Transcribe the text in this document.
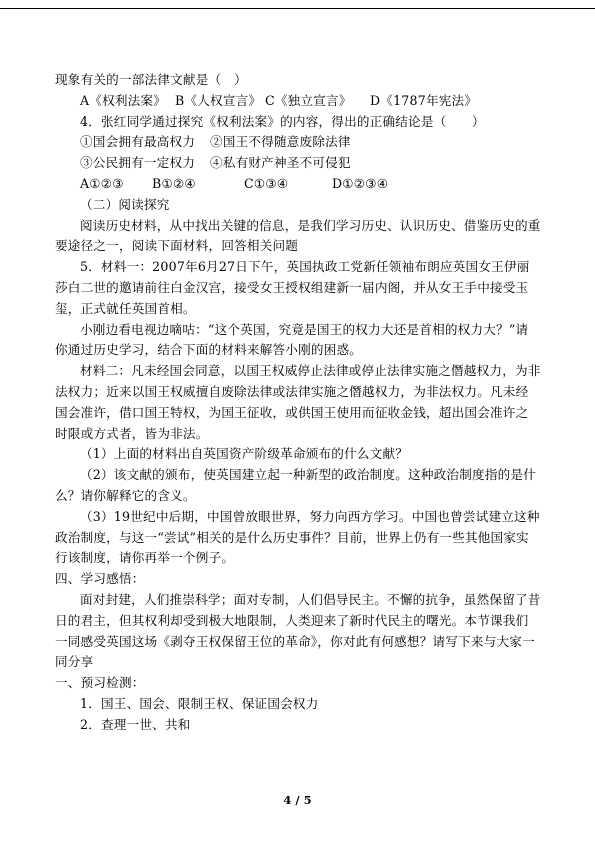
现象有关的一部法律文献是（　）

A《权利法案》 B《人权宣言》 C《独立宣言》	D《1787年宪法》

4．张红同学通过探究《权利法案》的内容，得出的正确结论是（　　）

①国会拥有最高权力	②国王不得随意废除法律

③公民拥有一定权力	④私有财产神圣不可侵犯

A①②③	B①②④	C①③④	D①②③④

（二）阅读探究

阅读历史材料，从中找出关键的信息，是我们学习历史、认识历史、借鉴历史的重要途径之一，阅读下面材料，回答相关问题

5．材料一：2007年6月27日下午，英国执政工党新任领袖布朗应英国女王伊丽莎白二世的邀请前往白金汉宫，接受女王授权组建新一届内阁，并从女王手中接受玉玺，正式就任英国首相。

小刚边看电视边嘀咕：“这个英国，究竟是国王的权力大还是首相的权力大？”请你通过历史学习，结合下面的材料来解答小刚的困惑。

材料二：凡未经国会同意，以国王权威停止法律或停止法律实施之僭越权力，为非法权力；近来以国王权威擅自废除法律或法律实施之僭越权力，为非法权力。凡未经国会准许，借口国王特权，为国王征收，或供国王使用而征收金钱，超出国会准许之时限或方式者，皆为非法。

（1）上面的材料出自英国资产阶级革命颁布的什么文献？

（2）该文献的颁布，使英国建立起一种新型的政治制度。这种政治制度指的是什么？请你解释它的含义。

（3）19世纪中后期，中国曾放眼世界，努力向西方学习。中国也曾尝试建立这种政治制度，与这一“尝试”相关的是什么历史事件？目前，世界上仍有一些其他国家实行该制度，请你再举一个例子。

四、学习感悟：

面对封建，人们推崇科学；面对专制，人们倡导民主。不懈的抗争，虽然保留了昔日的君主，但其权利却受到极大地限制，人类迎来了新时代民主的曙光。本节课我们一同感受英国这场《剥夺王权保留王位的革命》，你对此有何感想？请写下来与大家一同分享

一、预习检测：

1．国王、国会、限制王权、保证国会权力

2．查理一世、共和

4 / 5
